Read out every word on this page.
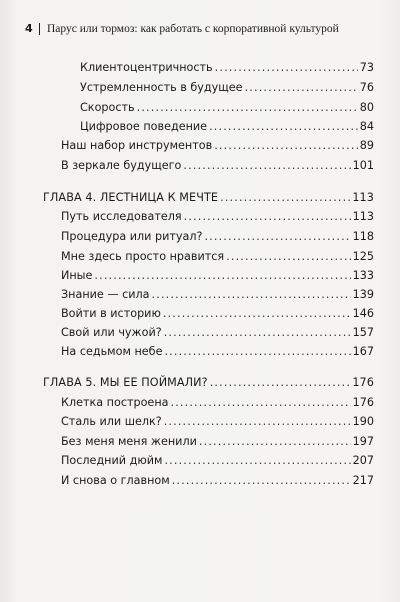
4 Парус или тормоз: как работать с корпоративной культурой
Клиентоцентричность . . .	73
Устремленность в будущее . . .	76
Скорость . . .	80
Цифровое поведение . . .	84
Наш набор инструментов . . .	89
В зеркале будущего . . .	101
ГЛАВА 4. ЛЕСТНИЦА К МЕЧТЕ . . .	113
Путь исследователя . . .	113
Процедура или ритуал? . . .	118
Мне здесь просто нравится . . .	125
Иные . . .	133
Знание — сила . . .	139
Войти в историю . . .	146
Свой или чужой? . . .	157
На седьмом небе . . .	167
ГЛАВА 5. МЫ ЕЕ ПОЙМАЛИ? . . .	176
Клетка построена . . .	176
Сталь или шелк? . . .	190
Без меня меня женили . . .	197
Последний дюйм . . .	207
И снова о главном . . .	217
